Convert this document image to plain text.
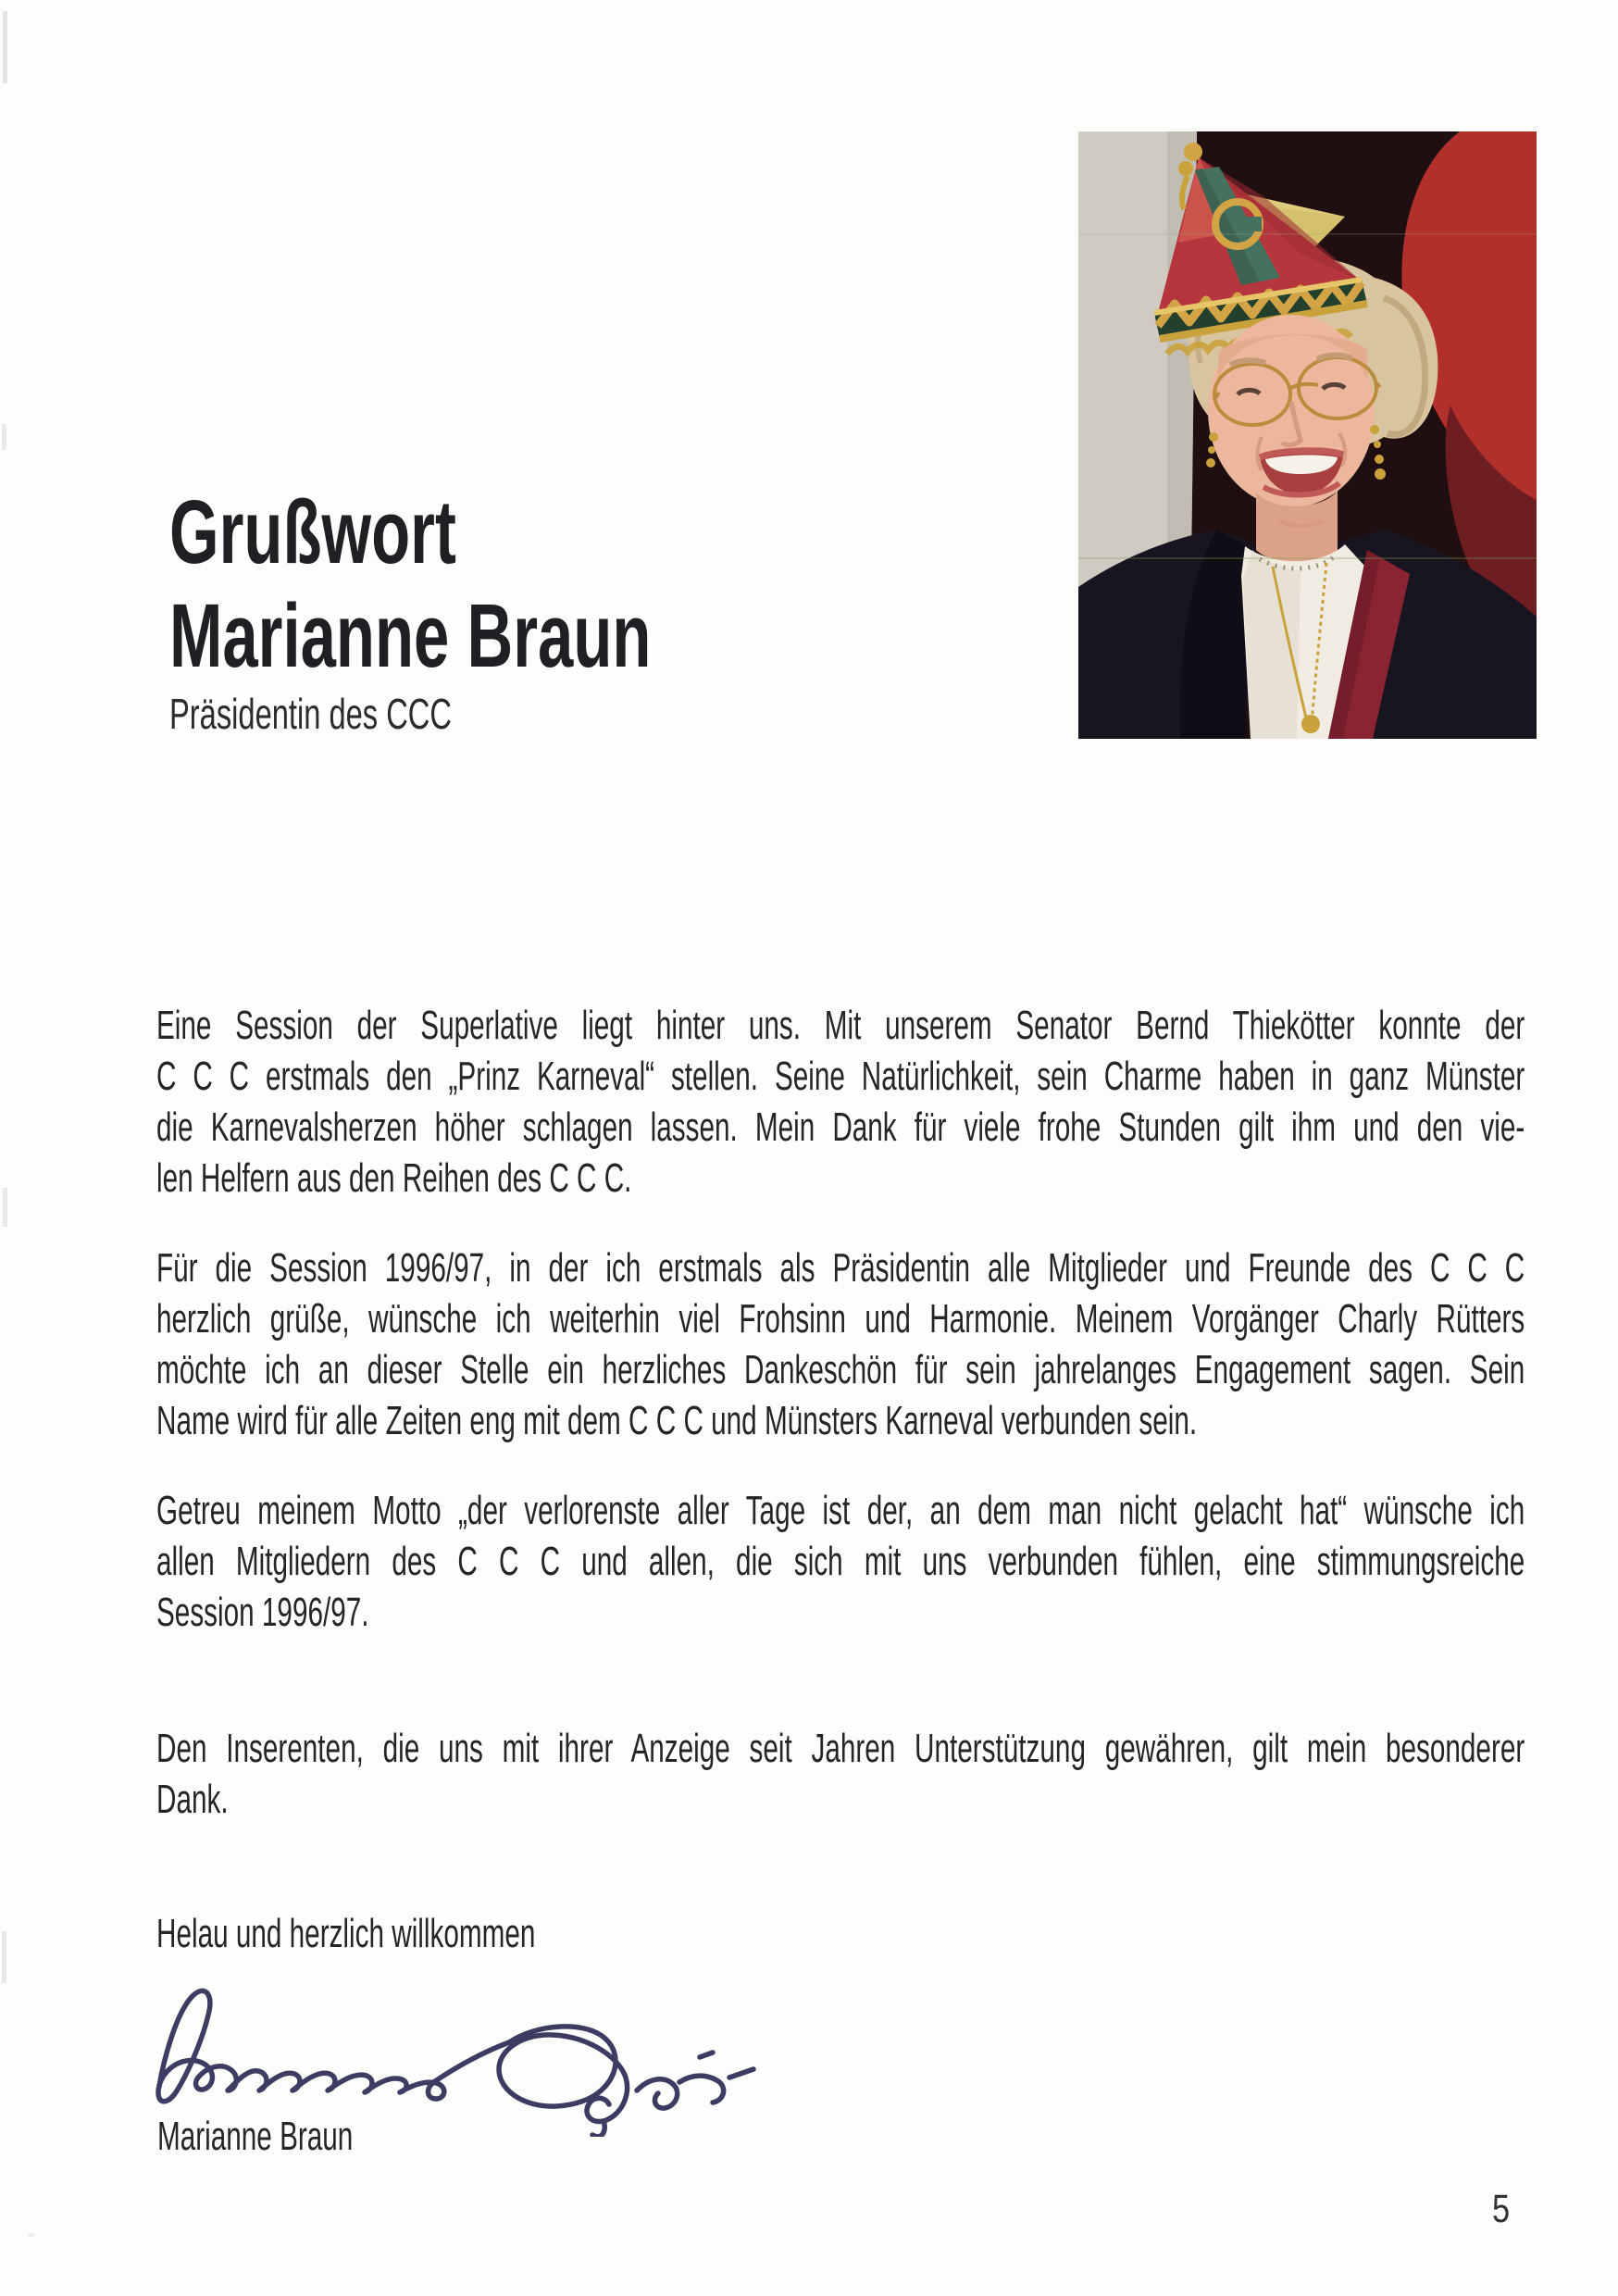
Grußwort
Marianne Braun
Präsidentin des CCC

Eine Session der Superlative liegt hinter uns. Mit unserem Senator Bernd Thiekötter konnte der
C C C erstmals den „Prinz Karneval“ stellen. Seine Natürlichkeit, sein Charme haben in ganz Münster
die Karnevalsherzen höher schlagen lassen. Mein Dank für viele frohe Stunden gilt ihm und den vie-
len Helfern aus den Reihen des C C C.

Für die Session 1996/97, in der ich erstmals als Präsidentin alle Mitglieder und Freunde des C C C
herzlich grüße, wünsche ich weiterhin viel Frohsinn und Harmonie. Meinem Vorgänger Charly Rütters
möchte ich an dieser Stelle ein herzliches Dankeschön für sein jahrelanges Engagement sagen. Sein
Name wird für alle Zeiten eng mit dem C C C und Münsters Karneval verbunden sein.

Getreu meinem Motto „der verlorenste aller Tage ist der, an dem man nicht gelacht hat“ wünsche ich
allen Mitgliedern des C C C und allen, die sich mit uns verbunden fühlen, eine stimmungsreiche
Session 1996/97.

Den Inserenten, die uns mit ihrer Anzeige seit Jahren Unterstützung gewähren, gilt mein besonderer
Dank.

Helau und herzlich willkommen
Marianne Braun
5
